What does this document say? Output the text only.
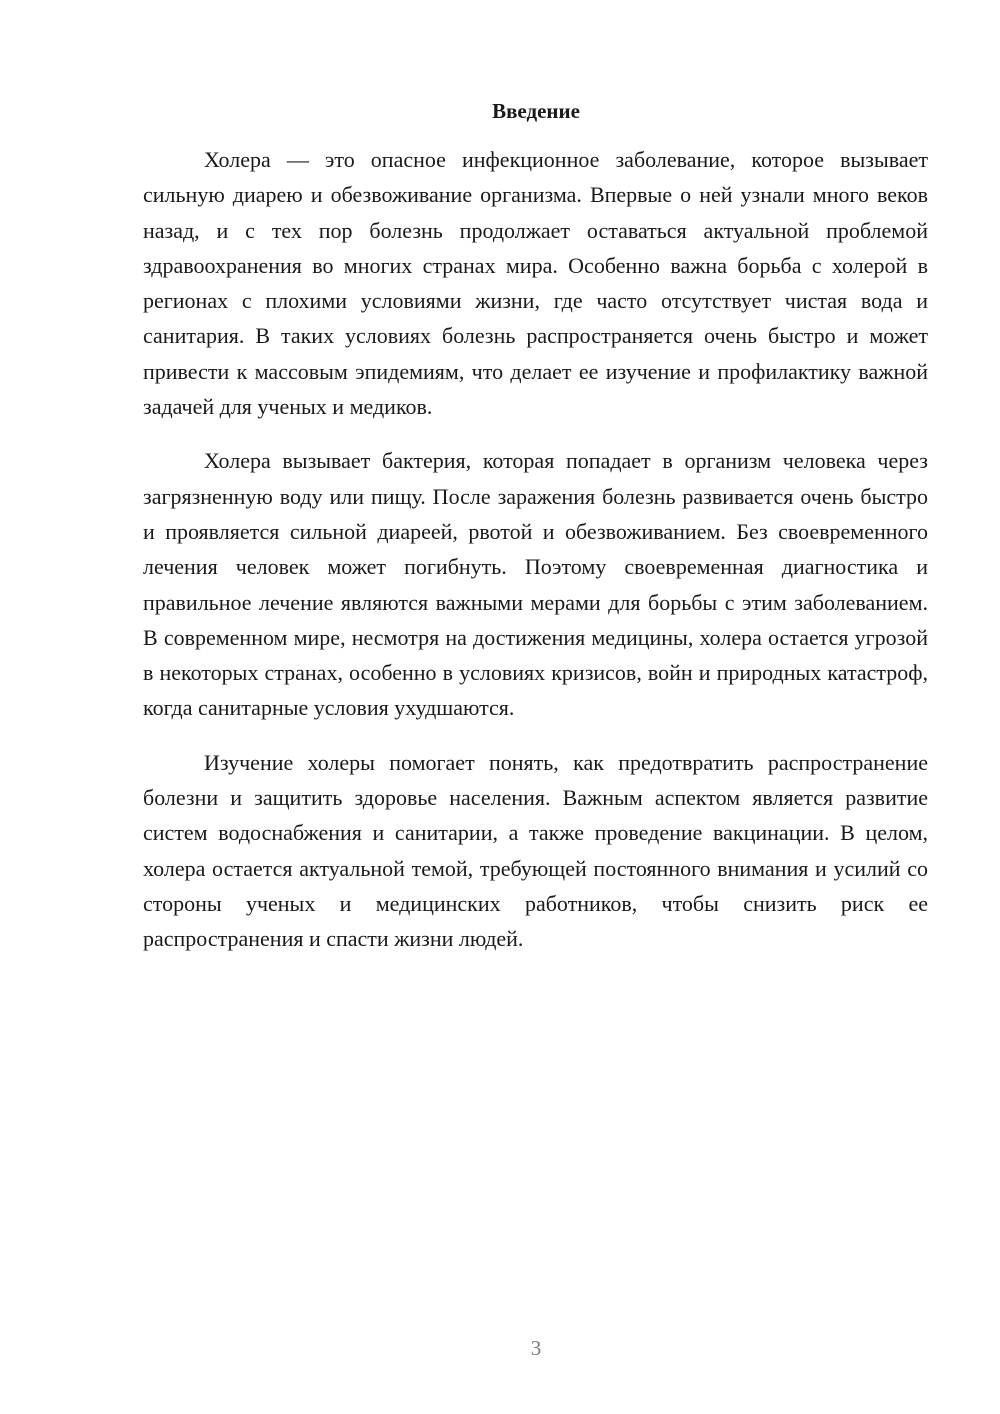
Введение

Холера — это опасное инфекционное заболевание, которое вызывает сильную диарею и обезвоживание организма. Впервые о ней узнали много веков назад, и с тех пор болезнь продолжает оставаться актуальной проблемой здравоохранения во многих странах мира. Особенно важна борьба с холерой в регионах с плохими условиями жизни, где часто отсутствует чистая вода и санитария. В таких условиях болезнь распространяется очень быстро и может привести к массовым эпидемиям, что делает ее изучение и профилактику важной задачей для ученых и медиков.

Холера вызывает бактерия, которая попадает в организм человека через загрязненную воду или пищу. После заражения болезнь развивается очень быстро и проявляется сильной диареей, рвотой и обезвоживанием. Без своевременного лечения человек может погибнуть. Поэтому своевременная диагностика и правильное лечение являются важными мерами для борьбы с этим заболеванием. В современном мире, несмотря на достижения медицины, холера остается угрозой в некоторых странах, особенно в условиях кризисов, войн и природных катастроф, когда санитарные условия ухудшаются.

Изучение холеры помогает понять, как предотвратить распространение болезни и защитить здоровье населения. Важным аспектом является развитие систем водоснабжения и санитарии, а также проведение вакцинации. В целом, холера остается актуальной темой, требующей постоянного внимания и усилий со стороны ученых и медицинских работников, чтобы снизить риск ее распространения и спасти жизни людей.

3
